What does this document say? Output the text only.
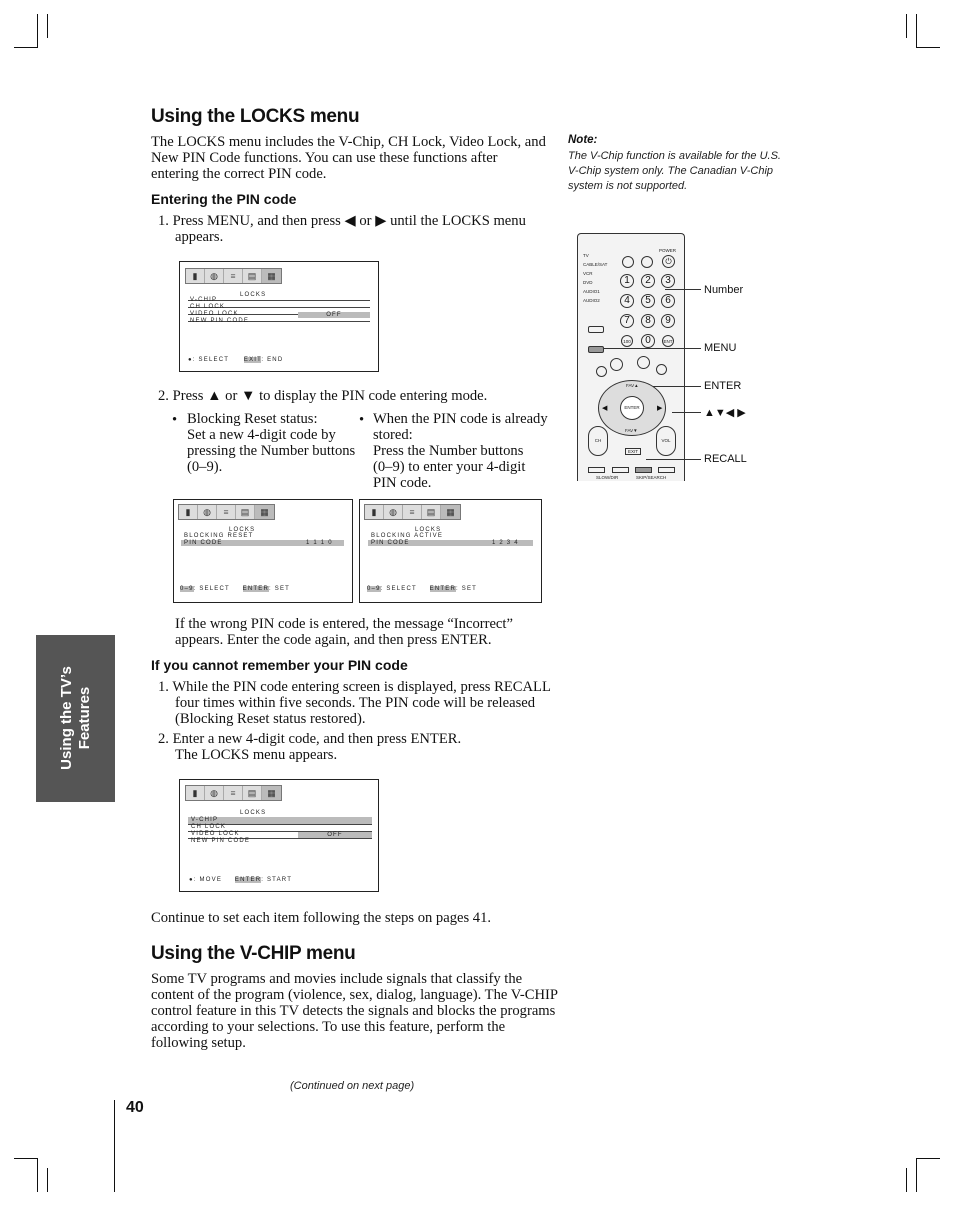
Using the TV’s Features
Using the LOCKS menu
The LOCKS menu includes the V-Chip, CH Lock, Video Lock, and New PIN Code functions. You can use these functions after entering the correct PIN code.
Entering the PIN code
1. Press MENU, and then press ◀ or ▶ until the LOCKS menu
appears.
▮	◍	≡	▤	▦
LOCKS
V-CHIP
CH LOCK
VIDEO LOCK	OFF
NEW PIN CODE
●: SELECT EXIT: END
2. Press ▲ or ▼ to display the PIN code entering mode.
• Blocking Reset status:
Set a new 4-digit code by
pressing the Number buttons
(0–9).
• When the PIN code is already
stored:
Press the Number buttons
(0–9) to enter your 4-digit
PIN code.
▮	◍	≡	▤	▦
LOCKS
BLOCKING RESET
PIN CODE	1 1 1 0
0–9: SELECT ENTER: SET
▮	◍	≡	▤	▦
LOCKS
BLOCKING ACTIVE
PIN CODE	1 2 3 4
0–9: SELECT ENTER: SET
If the wrong PIN code is entered, the message “Incorrect”
appears. Enter the code again, and then press ENTER.
If you cannot remember your PIN code
1. While the PIN code entering screen is displayed, press RECALL
four times within five seconds. The PIN code will be released
(Blocking Reset status restored).
2. Enter a new 4-digit code, and then press ENTER.
The LOCKS menu appears.
▮	◍	≡	▤	▦
LOCKS
V-CHIP
CH LOCK
VIDEO LOCK	OFF
NEW PIN CODE
●: MOVE ENTER: START
Continue to set each item following the steps on pages 41.
Using the V-CHIP menu
Some TV programs and movies include signals that classify the
content of the program (violence, sex, dialog, language). The V-CHIP
control feature in this TV detects the signals and blocks the programs
according to your selections. To use this feature, perform the
following setup.
(Continued on next page)
40
Note:
The V-Chip function is available for the U.S.
V-Chip system only. The Canadian V-Chip
system is not supported.
TV
CABLE/SAT
VCR
DVD
AUDIO1
AUDIO2
POWER
⏻
1	2	3
4	5	6
7	8	9
100	0	ENT
FAV▲
FAV▼
◀	▶
ENTER
EXIT
CH	VOL
SLOW/DIR	SKIP/SEARCH
Number
MENU
ENTER
▲▼◀ ▶
RECALL
